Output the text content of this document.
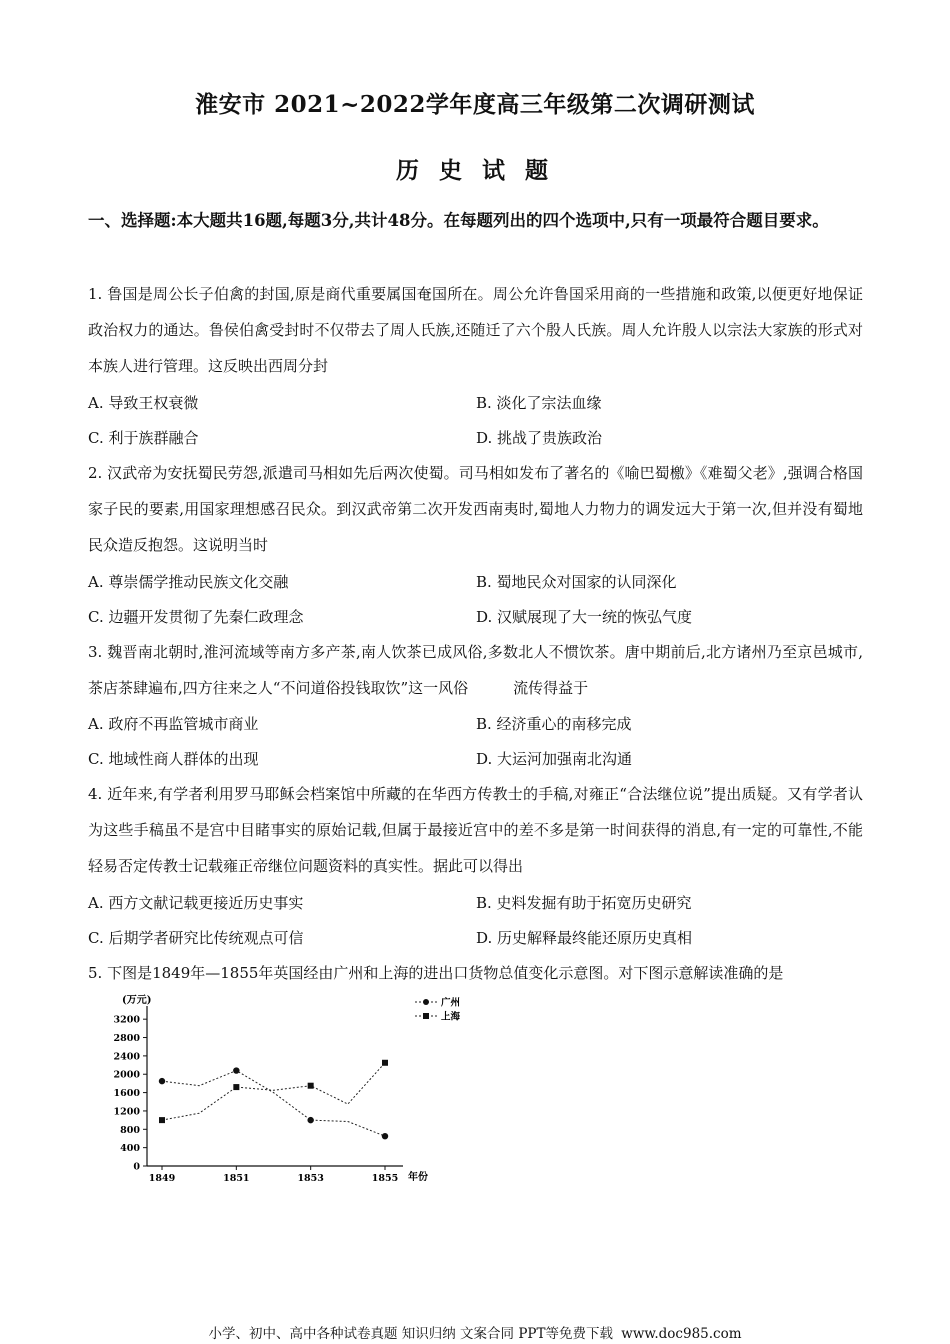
淮安市 2021~2022学年度高三年级第二次调研测试
历 史 试 题
一、选择题:本大题共16题,每题3分,共计48分。在每题列出的四个选项中,只有一项最符合题目要求。
1. 鲁国是周公长子伯禽的封国,原是商代重要属国奄国所在。周公允许鲁国采用商的一些措施和政策,以便更好地保证政治权力的通达。鲁侯伯禽受封时不仅带去了周人氏族,还随迁了六个殷人氏族。周人允许殷人以宗法大家族的形式对本族人进行管理。这反映出西周分封
A. 导致王权衰微	B. 淡化了宗法血缘
C. 利于族群融合	D. 挑战了贵族政治
2. 汉武帝为安抚蜀民劳怨,派遣司马相如先后两次使蜀。司马相如发布了著名的《喻巴蜀檄》《难蜀父老》,强调合格国家子民的要素,用国家理想感召民众。到汉武帝第二次开发西南夷时,蜀地人力物力的调发远大于第一次,但并没有蜀地民众造反抱怨。这说明当时
A. 尊崇儒学推动民族文化交融	B. 蜀地民众对国家的认同深化
C. 边疆开发贯彻了先秦仁政理念	D. 汉赋展现了大一统的恢弘气度
3. 魏晋南北朝时,淮河流域等南方多产茶,南人饮茶已成风俗,多数北人不惯饮茶。唐中期前后,北方诸州乃至京邑城市,茶店茶肆遍布,四方往来之人“不问道俗投钱取饮”这一风俗　　　流传得益于
A. 政府不再监管城市商业	B. 经济重心的南移完成
C. 地域性商人群体的出现	D. 大运河加强南北沟通
4. 近年来,有学者利用罗马耶稣会档案馆中所藏的在华西方传教士的手稿,对雍正“合法继位说”提出质疑。又有学者认为这些手稿虽不是宫中目睹事实的原始记载,但属于最接近宫中的差不多是第一时间获得的消息,有一定的可靠性,不能轻易否定传教士记载雍正帝继位问题资料的真实性。据此可以得出
A. 西方文献记载更接近历史事实	B. 史料发掘有助于拓宽历史研究
C. 后期学者研究比传统观点可信	D. 历史解释最终能还原历史真相
5. 下图是1849年—1855年英国经由广州和上海的进出口货物总值变化示意图。对下图示意解读准确的是
(万元)
0
400
800
1200
1600
2000
2400
2800
3200
1849	1851	1853	1855
广州
上海
年份
小学、初中、高中各种试卷真题 知识归纳 文案合同 PPT等免费下载 www.doc985.com
